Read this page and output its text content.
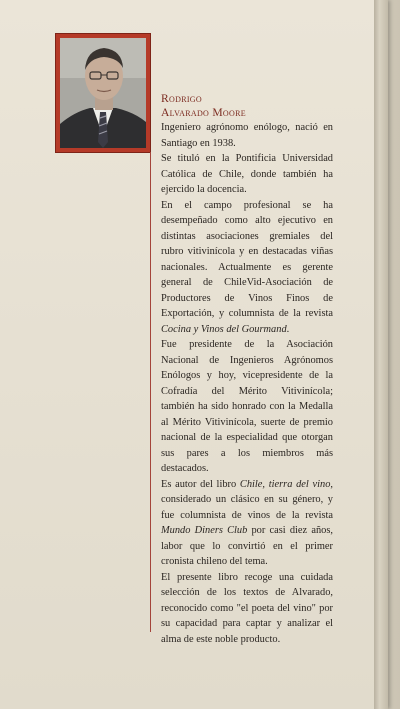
Rodrigo
Alvarado Moore

Ingeniero agrónomo enólogo, nació en Santiago en 1938.

Se tituló en la Pontificia Universidad Católica de Chile, donde también ha ejercido la docencia.

En el campo profesional se ha desempeñado como alto ejecutivo en distintas asociaciones gremiales del rubro vitivinícola y en destacadas viñas nacionales. Actualmente es gerente general de ChileVid-Asociación de Productores de Vinos Finos de Exportación, y columnista de la revista Cocina y Vinos del Gourmand.

Fue presidente de la Asociación Nacional de Ingenieros Agrónomos Enólogos y hoy, vicepresidente de la Cofradía del Mérito Vitivinícola; también ha sido honrado con la Medalla al Mérito Vitivinícola, suerte de premio nacional de la especialidad que otorgan sus pares a los miembros más destacados.

Es autor del libro Chile, tierra del vino, considerado un clásico en su género, y fue columnista de vinos de la revista Mundo Diners Club por casi diez años, labor que lo convirtió en el primer cronista chileno del tema.

El presente libro recoge una cuidada selección de los textos de Alvarado, reconocido como "el poeta del vino" por su capacidad para captar y analizar el alma de este noble producto.
